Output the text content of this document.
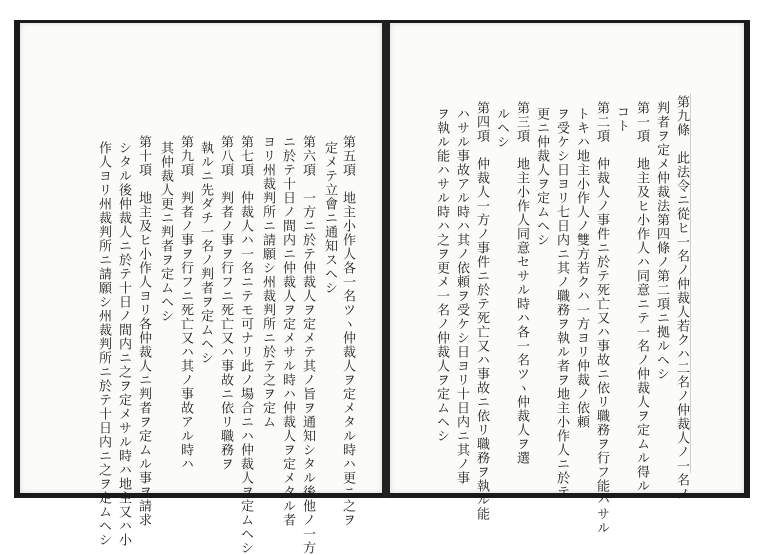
第五項　地主小作人各一名ツヽ仲裁人ヲ定メタル時ハ更ニ之ヲ
定メテ立會ニ通知スヘシ
第六項　一方ニ於テ仲裁人ヲ定メテ其ノ旨ヲ通知シタル後他ノ一方
ニ於テ十日ノ間内ニ仲裁人ヲ定メサル時ハ仲裁人ヲ定メタル者
ヨリ州裁判所ニ請願シ州裁判所ニ於テ之ヲ定ム
第七項　仲裁人ハ一名ニテモ可ナリ此ノ場合ニハ仲裁人ヲ定ムヘシ
第八項　判者ノ事ヲ行フニ死亡又ハ事故ニ依リ職務ヲ
執ルニ先ダチ一名ノ判者ヲ定ムヘシ
第九項　判者ノ事ヲ行フニ死亡又ハ其ノ事故アル時ハ
其仲裁人更ニ判者ヲ定ムヘシ
第十項　地主及ヒ小作人ヨリ各仲裁人ニ判者ヲ定ムル事ヲ請求
シタル後仲裁人ニ於テ十日ノ間内ニ之ヲ定メサル時ハ地主又ハ小
作人ヨリ州裁判所ニ請願シ州裁判所ニ於テ十日内ニ之ヲ定ムヘシ	第九條　此法令ニ從ヒ一名ノ仲裁人若クハ二名ノ仲裁人ノ一名ノ
判者ヲ定メ仲裁法第四條ノ第二項ニ拠ルへシ
第一項　地主及ヒ小作人ハ同意ニテ一名ノ仲裁人ヲ定ムル得ル
コト
第二項　仲裁人ノ事件ニ於テ死亡又ハ事故ニ依リ職務ヲ行フ能ハサル
トキハ地主小作人ノ雙方若クハ一方ヨリ仲裁ノ依頼
ヲ受ケシ日ヨリ七日内ニ其ノ職務ヲ執ル者ヲ地主小作人ニ於テ
更ニ仲裁人ヲ定ムヘシ
第三項　地主小作人同意セサル時ハ各一名ツヽ仲裁人ヲ選
ルヘシ
第四項　仲裁人一方ノ事件ニ於テ死亡又ハ事故ニ依リ職務ヲ執ル能
ハサル事故アル時ハ其ノ依頼ヲ受ケシ日ヨリ十日内ニ其ノ事
ヲ執ル能ハサル時ハ之ヲ更メ一名ノ仲裁人ヲ定ムヘシ
